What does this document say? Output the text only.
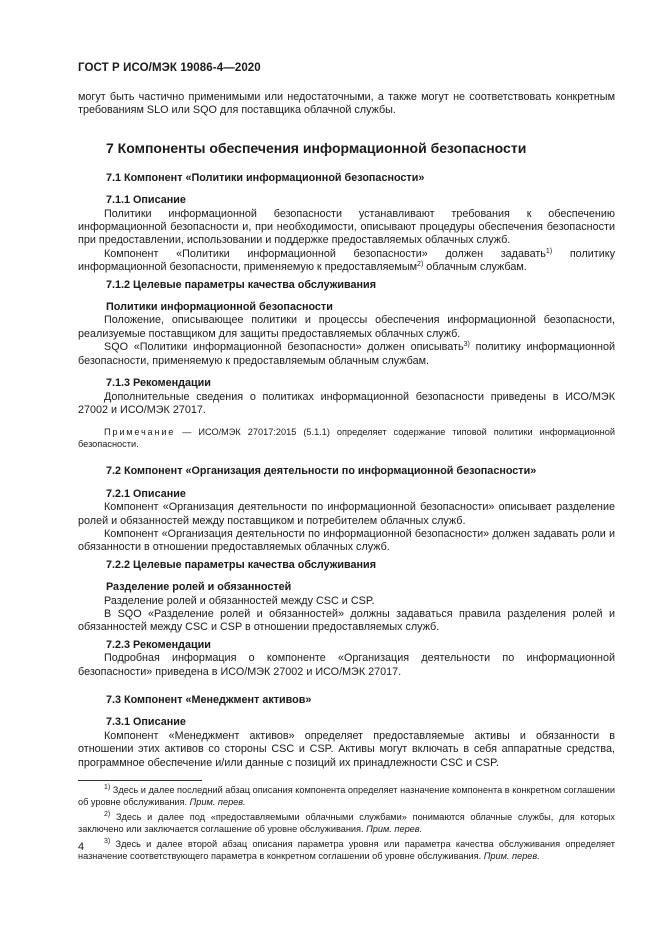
ГОСТ Р ИСО/МЭК 19086-4—2020

могут быть частично применимыми или недостаточными, а также могут не соответствовать конкретным требованиям SLO или SQO для поставщика облачной службы.

7 Компоненты обеспечения информационной безопасности
7.1 Компонент «Политики информационной безопасности»
7.1.1 Описание

Политики информационной безопасности устанавливают требования к обеспечению информационной безопасности и, при необходимости, описывают процедуры обеспечения безопасности при предоставлении, использовании и поддержке предоставляемых облачных служб.

Компонент «Политики информационной безопасности» должен задавать$^{1)}$ политику информационной безопасности, применяемую к предоставляемым$^{2)}$ облачным службам.

7.1.2 Целевые параметры качества обслуживания
Политики информационной безопасности

Положение, описывающее политики и процессы обеспечения информационной безопасности, реализуемые поставщиком для защиты предоставляемых облачных служб.

SQO «Политики информационной безопасности» должен описывать$^{3)}$ политику информационной безопасности, применяемую к предоставляемым облачным службам.

7.1.3 Рекомендации

Дополнительные сведения о политиках информационной безопасности приведены в ИСО/МЭК 27002 и ИСО/МЭК 27017.

Примечание — ИСО/МЭК 27017:2015 (5.1.1) определяет содержание типовой политики информационной безопасности.

7.2 Компонент «Организация деятельности по информационной безопасности»
7.2.1 Описание

Компонент «Организация деятельности по информационной безопасности» описывает разделение ролей и обязанностей между поставщиком и потребителем облачных служб.

Компонент «Организация деятельности по информационной безопасности» должен задавать роли и обязанности в отношении предоставляемых облачных служб.

7.2.2 Целевые параметры качества обслуживания
Разделение ролей и обязанностей

Разделение ролей и обязанностей между CSC и CSP.

В SQO «Разделение ролей и обязанностей» должны задаваться правила разделения ролей и обязанностей между CSC и CSP в отношении предоставляемых служб.

7.2.3 Рекомендации

Подробная информация о компоненте «Организация деятельности по информационной безопасности» приведена в ИСО/МЭК 27002 и ИСО/МЭК 27017.

7.3 Компонент «Менеджмент активов»
7.3.1 Описание

Компонент «Менеджмент активов» определяет предоставляемые активы и обязанности в отношении этих активов со стороны CSC и CSP. Активы могут включать в себя аппаратные средства, программное обеспечение и/или данные с позиций их принадлежности CSC и CSP.

$^{1)}$ Здесь и далее последний абзац описания компонента определяет назначение компонента в конкретном соглашении об уровне обслуживания. Прим. перев.

$^{2)}$ Здесь и далее под «предоставляемыми облачными службами» понимаются облачные службы, для которых заключено или заключается соглашение об уровне обслуживания. Прим. перев.

$^{3)}$ Здесь и далее второй абзац описания параметра уровня или параметра качества обслуживания определяет назначение соответствующего параметра в конкретном соглашении об уровне обслуживания. Прим. перев.

4
